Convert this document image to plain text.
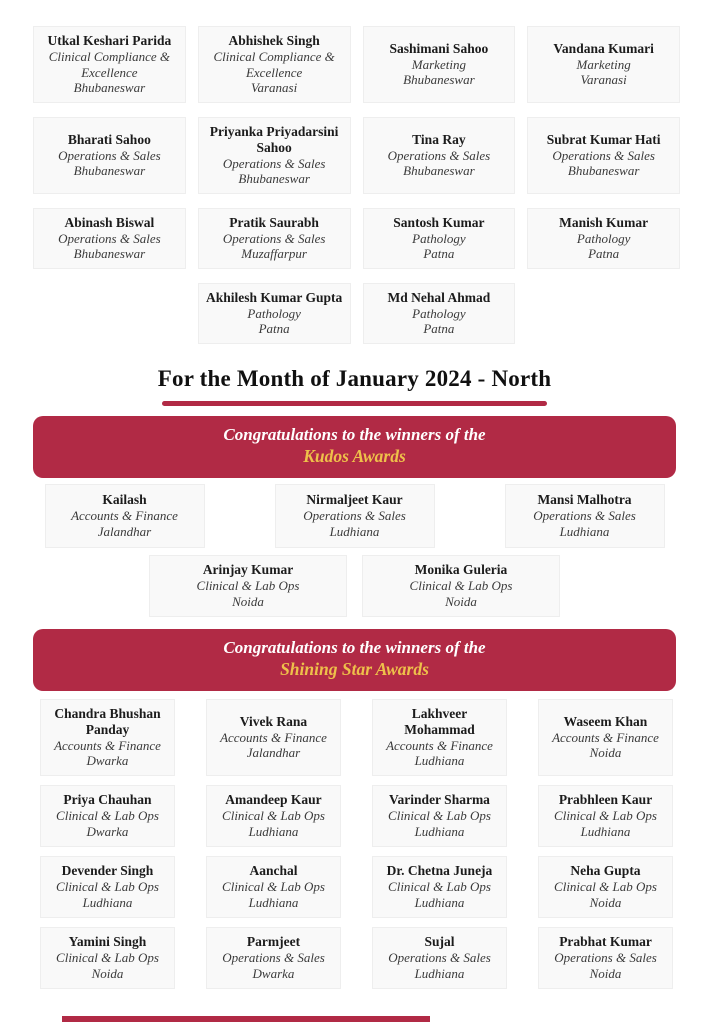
Utkal Keshari Parida
Clinical Compliance & Excellence
Bhubaneswar
Abhishek Singh
Clinical Compliance & Excellence
Varanasi
Sashimani Sahoo
Marketing
Bhubaneswar
Vandana Kumari
Marketing
Varanasi
Bharati Sahoo
Operations & Sales
Bhubaneswar
Priyanka Priyadarsini Sahoo
Operations & Sales
Bhubaneswar
Tina Ray
Operations & Sales
Bhubaneswar
Subrat Kumar Hati
Operations & Sales
Bhubaneswar
Abinash Biswal
Operations & Sales
Bhubaneswar
Pratik Saurabh
Operations & Sales
Muzaffarpur
Santosh Kumar
Pathology
Patna
Manish Kumar
Pathology
Patna
Akhilesh Kumar Gupta
Pathology
Patna
Md Nehal Ahmad
Pathology
Patna
For the Month of January 2024 - North
Congratulations to the winners of the
Kudos Awards
Kailash
Accounts & Finance
Jalandhar
Nirmaljeet Kaur
Operations & Sales
Ludhiana
Mansi Malhotra
Operations & Sales
Ludhiana
Arinjay Kumar
Clinical & Lab Ops
Noida
Monika Guleria
Clinical & Lab Ops
Noida
Congratulations to the winners of the
Shining Star Awards
Chandra Bhushan Panday
Accounts & Finance
Dwarka
Vivek Rana
Accounts & Finance
Jalandhar
Lakhveer Mohammad
Accounts & Finance
Ludhiana
Waseem Khan
Accounts & Finance
Noida
Priya Chauhan
Clinical & Lab Ops
Dwarka
Amandeep Kaur
Clinical & Lab Ops
Ludhiana
Varinder Sharma
Clinical & Lab Ops
Ludhiana
Prabhleen Kaur
Clinical & Lab Ops
Ludhiana
Devender Singh
Clinical & Lab Ops
Ludhiana
Aanchal
Clinical & Lab Ops
Ludhiana
Dr. Chetna Juneja
Clinical & Lab Ops
Ludhiana
Neha Gupta
Clinical & Lab Ops
Noida
Yamini Singh
Clinical & Lab Ops
Noida
Parmjeet
Operations & Sales
Dwarka
Sujal
Operations & Sales
Ludhiana
Prabhat Kumar
Operations & Sales
Noida
